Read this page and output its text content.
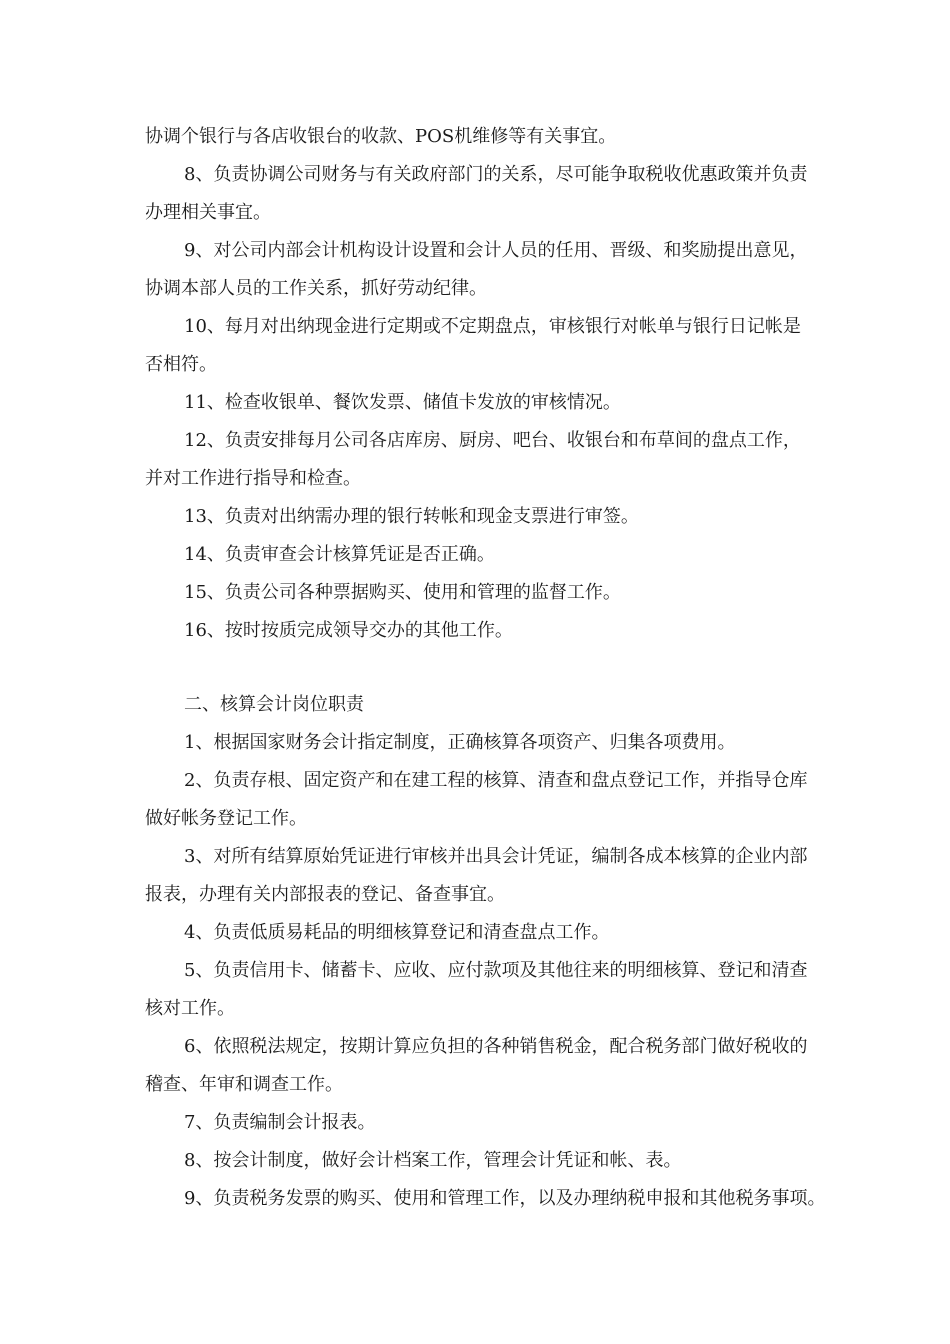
协调个银行与各店收银台的收款、POS机维修等有关事宜。
8、负责协调公司财务与有关政府部门的关系，尽可能争取税收优惠政策并负责
办理相关事宜。
9、对公司内部会计机构设计设置和会计人员的任用、晋级、和奖励提出意见，
协调本部人员的工作关系，抓好劳动纪律。
10、每月对出纳现金进行定期或不定期盘点，审核银行对帐单与银行日记帐是
否相符。
11、检查收银单、餐饮发票、储值卡发放的审核情况。
12、负责安排每月公司各店库房、厨房、吧台、收银台和布草间的盘点工作，
并对工作进行指导和检查。
13、负责对出纳需办理的银行转帐和现金支票进行审签。
14、负责审查会计核算凭证是否正确。
15、负责公司各种票据购买、使用和管理的监督工作。
16、按时按质完成领导交办的其他工作。
二、核算会计岗位职责
1、根据国家财务会计指定制度，正确核算各项资产、归集各项费用。
2、负责存根、固定资产和在建工程的核算、清查和盘点登记工作，并指导仓库
做好帐务登记工作。
3、对所有结算原始凭证进行审核并出具会计凭证，编制各成本核算的企业内部
报表，办理有关内部报表的登记、备查事宜。
4、负责低质易耗品的明细核算登记和清查盘点工作。
5、负责信用卡、储蓄卡、应收、应付款项及其他往来的明细核算、登记和清查
核对工作。
6、依照税法规定，按期计算应负担的各种销售税金，配合税务部门做好税收的
稽查、年审和调查工作。
7、负责编制会计报表。
8、按会计制度，做好会计档案工作，管理会计凭证和帐、表。
9、负责税务发票的购买、使用和管理工作，以及办理纳税申报和其他税务事项。
